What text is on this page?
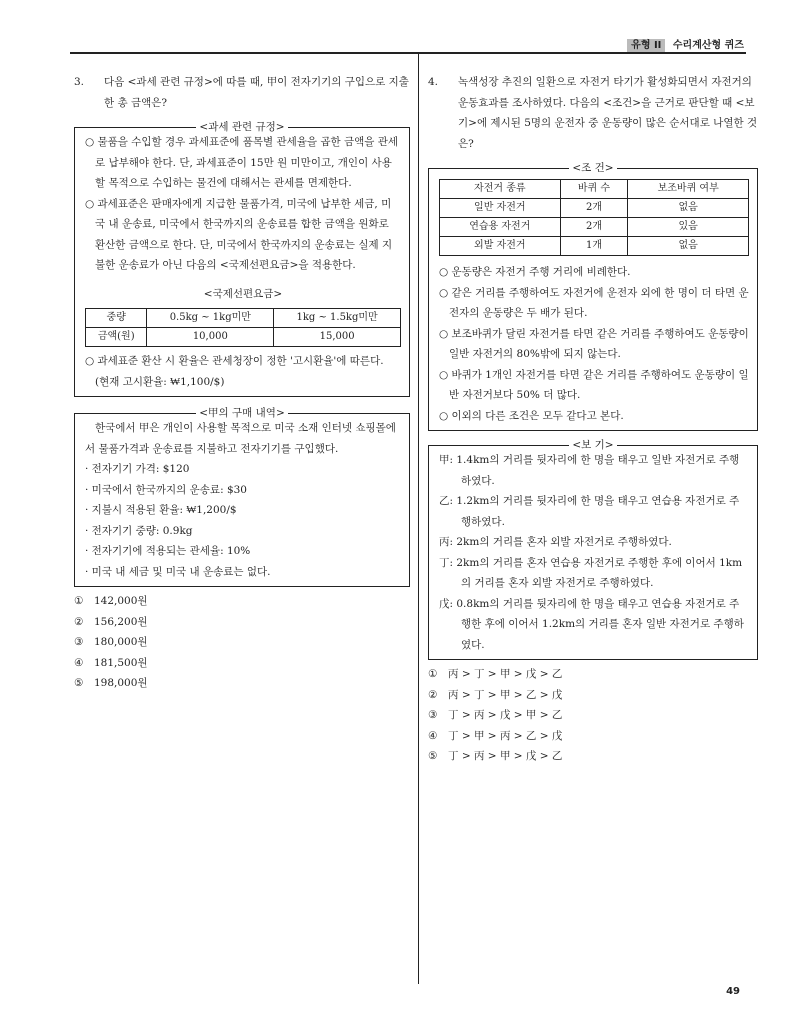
유형 II 수리계산형 퀴즈
3.	다음 <과세 관련 규정>에 따를 때, 甲이 전자기기의 구입으로 지출한 총 금액은?
<과세 관련 규정>
○ 물품을 수입할 경우 과세표준에 품목별 관세율을 곱한 금액을 관세로 납부해야 한다. 단, 과세표준이 15만 원 미만이고, 개인이 사용할 목적으로 수입하는 물건에 대해서는 관세를 면제한다.
○ 과세표준은 판매자에게 지급한 물품가격, 미국에 납부한 세금, 미국 내 운송료, 미국에서 한국까지의 운송료를 합한 금액을 원화로 환산한 금액으로 한다. 단, 미국에서 한국까지의 운송료는 실제 지불한 운송료가 아닌 다음의 <국제선편요금>을 적용한다.
<국제선편요금>
중량	0.5kg ~ 1kg미만	1kg ~ 1.5kg미만
금액(원)	10,000	15,000
○ 과세표준 환산 시 환율은 관세청장이 정한 '고시환율'에 따른다. (현재 고시환율: ₩1,100/$)
<甲의 구매 내역>
한국에서 甲은 개인이 사용할 목적으로 미국 소재 인터넷 쇼핑몰에서 물품가격과 운송료를 지불하고 전자기기를 구입했다.
· 전자기기 가격: $120
· 미국에서 한국까지의 운송료: $30
· 지불시 적용된 환율: ₩1,200/$
· 전자기기 중량: 0.9kg
· 전자기기에 적용되는 관세율: 10%
· 미국 내 세금 및 미국 내 운송료는 없다.
①	142,000원
②	156,200원
③	180,000원
④	181,500원
⑤	198,000원
4.	녹색성장 추진의 일환으로 자전거 타기가 활성화되면서 자전거의 운동효과를 조사하였다. 다음의 <조건>을 근거로 판단할 때 <보기>에 제시된 5명의 운전자 중 운동량이 많은 순서대로 나열한 것은?
<조 건>
자전거 종류	바퀴 수	보조바퀴 여부
일반 자전거	2개	없음
연습용 자전거	2개	있음
외발 자전거	1개	없음
○ 운동량은 자전거 주행 거리에 비례한다.
○ 같은 거리를 주행하여도 자전거에 운전자 외에 한 명이 더 타면 운전자의 운동량은 두 배가 된다.
○ 보조바퀴가 달린 자전거를 타면 같은 거리를 주행하여도 운동량이 일반 자전거의 80%밖에 되지 않는다.
○ 바퀴가 1개인 자전거를 타면 같은 거리를 주행하여도 운동량이 일반 자전거보다 50% 더 많다.
○ 이외의 다른 조건은 모두 같다고 본다.
<보 기>
甲: 1.4km의 거리를 뒷자리에 한 명을 태우고 일반 자전거로 주행하였다.
乙: 1.2km의 거리를 뒷자리에 한 명을 태우고 연습용 자전거로 주행하였다.
丙: 2km의 거리를 혼자 외발 자전거로 주행하였다.
丁: 2km의 거리를 혼자 연습용 자전거로 주행한 후에 이어서 1km의 거리를 혼자 외발 자전거로 주행하였다.
戊: 0.8km의 거리를 뒷자리에 한 명을 태우고 연습용 자전거로 주행한 후에 이어서 1.2km의 거리를 혼자 일반 자전거로 주행하였다.
①	丙 > 丁 > 甲 > 戊 > 乙
②	丙 > 丁 > 甲 > 乙 > 戊
③	丁 > 丙 > 戊 > 甲 > 乙
④	丁 > 甲 > 丙 > 乙 > 戊
⑤	丁 > 丙 > 甲 > 戊 > 乙
49
